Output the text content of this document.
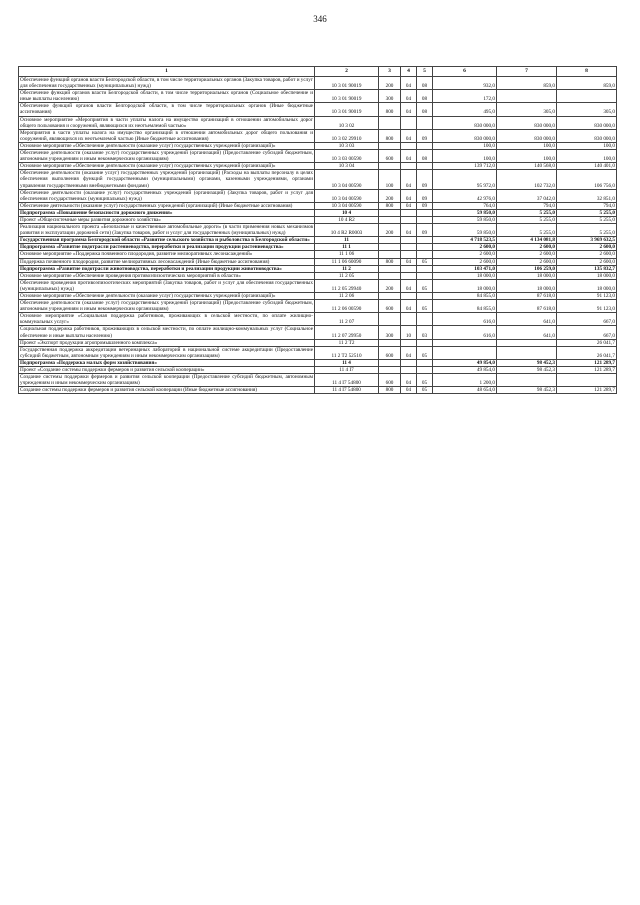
346
1	2	3	4	5	6	7	8
Обеспечение функций органов власти Белгородской области, в том числе территориальных органов (Закупка товаров, работ и услуг для обеспечения государственных (муниципальных) нужд)	10 3 01 90019	200	04	08	932,0	859,0	859,0
Обеспечение функций органов власти Белгородской области, в том числе территориальных органов (Социальное обеспечение и иные выплаты населению)	10 3 01 90019	300	04	08	172,0		
Обеспечение функций органов власти Белгородской области, в том числе территориальных органов (Иные бюджетные ассигнования)	10 3 01 90019	800	04	08	495,0	305,0	305,0
Основное мероприятие «Мероприятия в части уплаты налога на имущество организаций в отношении автомобильных дорог общего пользования и сооружений, являющихся их неотъемлемой частью»	10 3 02				830 000,0	830 000,0	830 000,0
Мероприятия в части уплаты налога на имущество организаций в отношении автомобильных дорог общего пользования и сооружений, являющихся их неотъемлемой частью (Иные бюджетные ассигнования)	10 3 02 29910	800	04	09	830 000,0	830 000,0	830 000,0
Основное мероприятие «Обеспечение деятельности (оказание услуг) государственных учреждений (организаций)»	10 3 03				100,0	100,0	100,0
Обеспечение деятельности (оказание услуг) государственных учреждений (организаций) (Предоставление субсидий бюджетным, автономным учреждениям и иным некоммерческим организациям)	10 3 03 00590	600	04	08	100,0	100,0	100,0
Основное мероприятие «Обеспечение деятельности (оказание услуг) государственных учреждений (организаций)»	10 3 04				139 712,0	140 568,0	140 401,0
Обеспечение деятельности (оказание услуг) государственных учреждений (организаций) (Расходы на выплаты персоналу в целях обеспечения выполнения функций государственными (муниципальными) органами, казенными учреждениями, органами управления государственными внебюджетными фондами)	10 3 04 00590	100	04	09	95 972,0	102 732,0	106 756,0
Обеспечение деятельности (оказание услуг) государственных учреждений (организаций) (Закупка товаров, работ и услуг для обеспечения государственных (муниципальных) нужд)	10 3 04 00590	200	04	09	42 976,0	37 042,0	32 851,0
Обеспечение деятельности (оказание услуг) государственных учреждений (организаций) (Иные бюджетные ассигнования)	10 3 04 00590	800	04	09	764,0	794,0	794,0
Подпрограмма «Повышение безопасности дорожного движения»	10 4				59 850,0	5 255,0	5 255,0
Проект «Общесистемные меры развития дорожного хозяйства»	10 4 R2				59 850,0	5 255,0	5 255,0
Реализация национального проекта «Безопасные и качественные автомобильные дороги» (в части применения новых механизмов развития и эксплуатации дорожной сети) (Закупка товаров, работ и услуг для государственных (муниципальных) нужд)	10 4 R2 R0003	200	04	09	59 850,0	5 255,0	5 255,0
Государственная программа Белгородской области «Развитие сельского хозяйства и рыболовства в Белгородской области»	11				4 718 523,5	4 134 081,8	3 969 632,5
Подпрограмма «Развитие подотрасли растениеводства, переработки и реализации продукции растениеводства»	11 1				2 600,0	2 600,0	2 600,0
Основное мероприятие «Поддержка почвенного плодородия, развитие мелиоративных лесонасаждений»	11 1 06				2 600,0	2 600,0	2 600,0
Поддержка почвенного плодородия, развитие мелиоративных лесонасаждений (Иные бюджетные ассигнования)	11 1 06 60090	800	04	05	2 600,0	2 600,0	2 600,0
Подпрограмма «Развитие подотрасли животноводства, переработки и реализации продукции животноводства»	11 2				103 471,0	106 259,0	135 832,7
Основное мероприятие «Обеспечение проведения противоэпизоотических мероприятий в области»	11 2 05				18 000,0	18 000,0	18 000,0
Обеспечение проведения противоэпизоотических мероприятий (Закупка товаров, работ и услуг для обеспечения государственных (муниципальных) нужд)	11 2 05 29940	200	04	05	18 000,0	18 000,0	18 000,0
Основное мероприятие «Обеспечение деятельности (оказание услуг) государственных учреждений (организаций)»	11 2 06				84 855,0	87 618,0	91 123,0
Обеспечение деятельности (оказание услуг) государственных учреждений (организаций) (Предоставление субсидий бюджетным, автономным учреждениям и иным некоммерческим организациям)	11 2 06 00590	600	04	05	84 855,0	87 618,0	91 123,0
Основное мероприятие «Социальная поддержка работников, проживающих в сельской местности, по оплате жилищно-коммунальных услуг»	11 2 07				616,0	641,0	667,0
Социальная поддержка работников, проживающих в сельской местности, по оплате жилищно-коммунальных услуг (Социальное обеспечение и иные выплаты населению)	11 2 07 29950	300	10	03	616,0	641,0	667,0
Проект «Экспорт продукции агропромышленного комплекса»	11 2 T2						26 041,7
Государственная поддержка аккредитации ветеринарных лабораторий в национальной системе аккредитации (Предоставление субсидий бюджетным, автономным учреждениям и иным некоммерческим организациям)	11 2 T2 52510	600	04	05			26 041,7
Подпрограмма «Поддержка малых форм хозяйствования»	11 4				49 854,0	98 452,3	121 289,7
Проект «Создание системы поддержки фермеров и развития сельской кооперации»	11 4 I7				49 854,0	98 452,3	121 289,7
Создание системы поддержки фермеров и развития сельской кооперации (Предоставление субсидий бюджетным, автономным учреждениям и иным некоммерческим организациям)	11 4 I7 54800	600	04	05	1 200,0		
Создание системы поддержки фермеров и развития сельской кооперации (Иные бюджетные ассигнования)	11 4 I7 54800	800	04	05	48 654,0	98 452,3	121 289,7
